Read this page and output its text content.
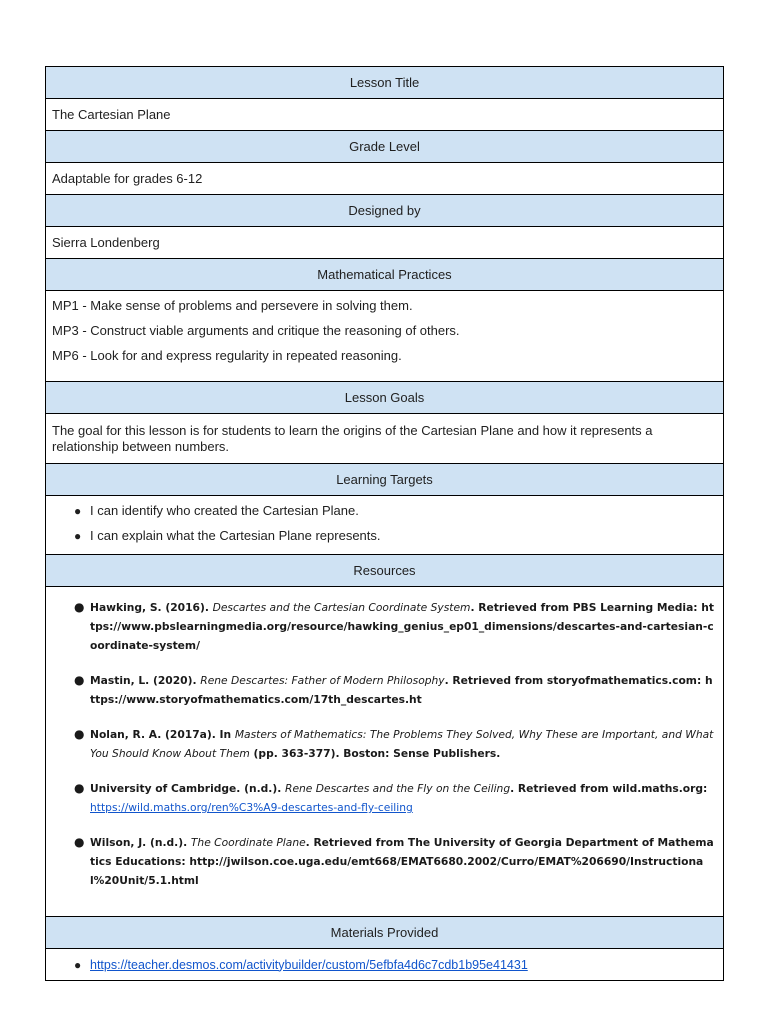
Lesson Title
The Cartesian Plane
Grade Level
Adaptable for grades 6-12
Designed by
Sierra Londenberg
Mathematical Practices

MP1 - Make sense of problems and persevere in solving them.
MP3 - Construct viable arguments and critique the reasoning of others.
MP6 - Look for and express regularity in repeated reasoning.

Lesson Goals

The goal for this lesson is for students to learn the origins of the Cartesian Plane and how it represents a relationship between numbers.

Learning Targets

● I can identify who created the Cartesian Plane.
● I can explain what the Cartesian Plane represents.

Resources

● Hawking, S. (2016). Descartes and the Cartesian Coordinate System. Retrieved from PBS Learning Media: https://www.pbslearningmedia.org/resource/hawking_genius_ep01_dimensions/descartes-and-cartesian-coordinate-system/
● Mastin, L. (2020). Rene Descartes: Father of Modern Philosophy. Retrieved from storyofmathematics.com: https://www.storyofmathematics.com/17th_descartes.ht
● Nolan, R. A. (2017a). In Masters of Mathematics: The Problems They Solved, Why These are Important, and What You Should Know About Them (pp. 363-377). Boston: Sense Publishers.
● University of Cambridge. (n.d.). Rene Descartes and the Fly on the Ceiling. Retrieved from wild.maths.org:
https://wild.maths.org/ren%C3%A9-descartes-and-fly-ceiling
● Wilson, J. (n.d.). The Coordinate Plane. Retrieved from The University of Georgia Department of Mathematics Educations: http://jwilson.coe.uga.edu/emt668/EMAT6680.2002/Curro/EMAT%206690/Instructional%20Unit/5.1.html

Materials Provided

● https://teacher.desmos.com/activitybuilder/custom/5efbfa4d6c7cdb1b95e41431
